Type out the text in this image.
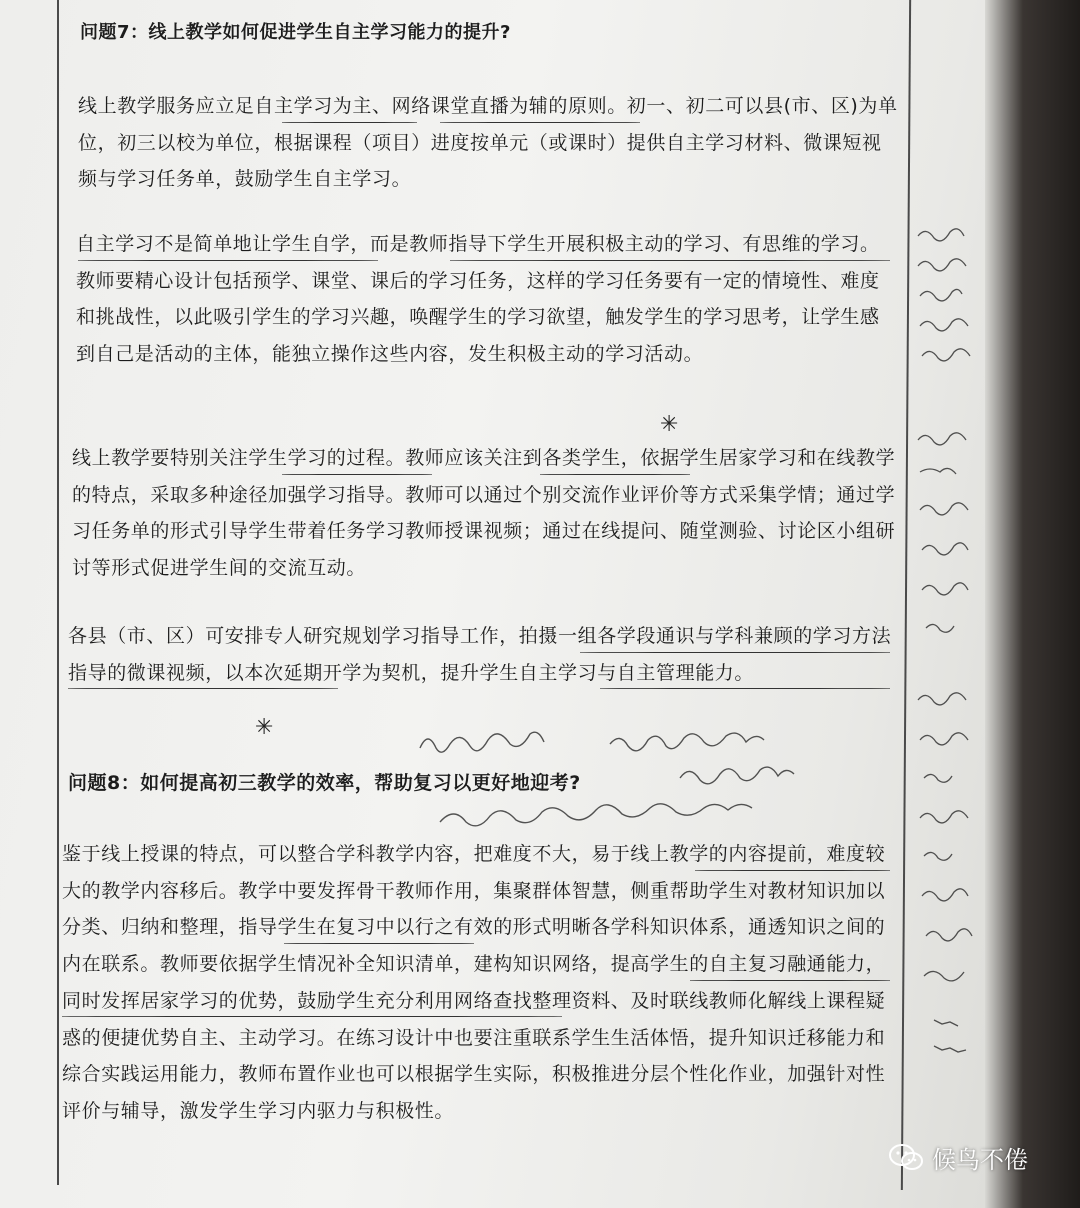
问题7：线上教学如何促进学生自主学习能力的提升?
线上教学服务应立足自主学习为主、网络课堂直播为辅的原则。初一、初二可以县(市、区)为单位，初三以校为单位，根据课程（项目）进度按单元（或课时）提供自主学习材料、微课短视频与学习任务单，鼓励学生自主学习。
自主学习不是简单地让学生自学，而是教师指导下学生开展积极主动的学习、有思维的学习。教师要精心设计包括预学、课堂、课后的学习任务，这样的学习任务要有一定的情境性、难度和挑战性，以此吸引学生的学习兴趣，唤醒学生的学习欲望，触发学生的学习思考，让学生感到自己是活动的主体，能独立操作这些内容，发生积极主动的学习活动。
线上教学要特别关注学生学习的过程。教师应该关注到各类学生，依据学生居家学习和在线教学的特点，采取多种途径加强学习指导。教师可以通过个别交流作业评价等方式采集学情；通过学习任务单的形式引导学生带着任务学习教师授课视频；通过在线提问、随堂测验、讨论区小组研讨等形式促进学生间的交流互动。
各县（市、区）可安排专人研究规划学习指导工作，拍摄一组各学段通识与学科兼顾的学习方法指导的微课视频，以本次延期开学为契机，提升学生自主学习与自主管理能力。
问题8：如何提高初三教学的效率，帮助复习以更好地迎考?
鉴于线上授课的特点，可以整合学科教学内容，把难度不大，易于线上教学的内容提前，难度较大的教学内容移后。教学中要发挥骨干教师作用，集聚群体智慧，侧重帮助学生对教材知识加以分类、归纳和整理，指导学生在复习中以行之有效的形式明晰各学科知识体系，通透知识之间的内在联系。教师要依据学生情况补全知识清单，建构知识网络，提高学生的自主复习融通能力，同时发挥居家学习的优势，鼓励学生充分利用网络查找整理资料、及时联线教师化解线上课程疑惑的便捷优势自主、主动学习。在练习设计中也要注重联系学生生活体悟，提升知识迁移能力和综合实践运用能力，教师布置作业也可以根据学生实际，积极推进分层个性化作业，加强针对性评价与辅导，激发学生学习内驱力与积极性。
✳
✳
候鸟不倦
